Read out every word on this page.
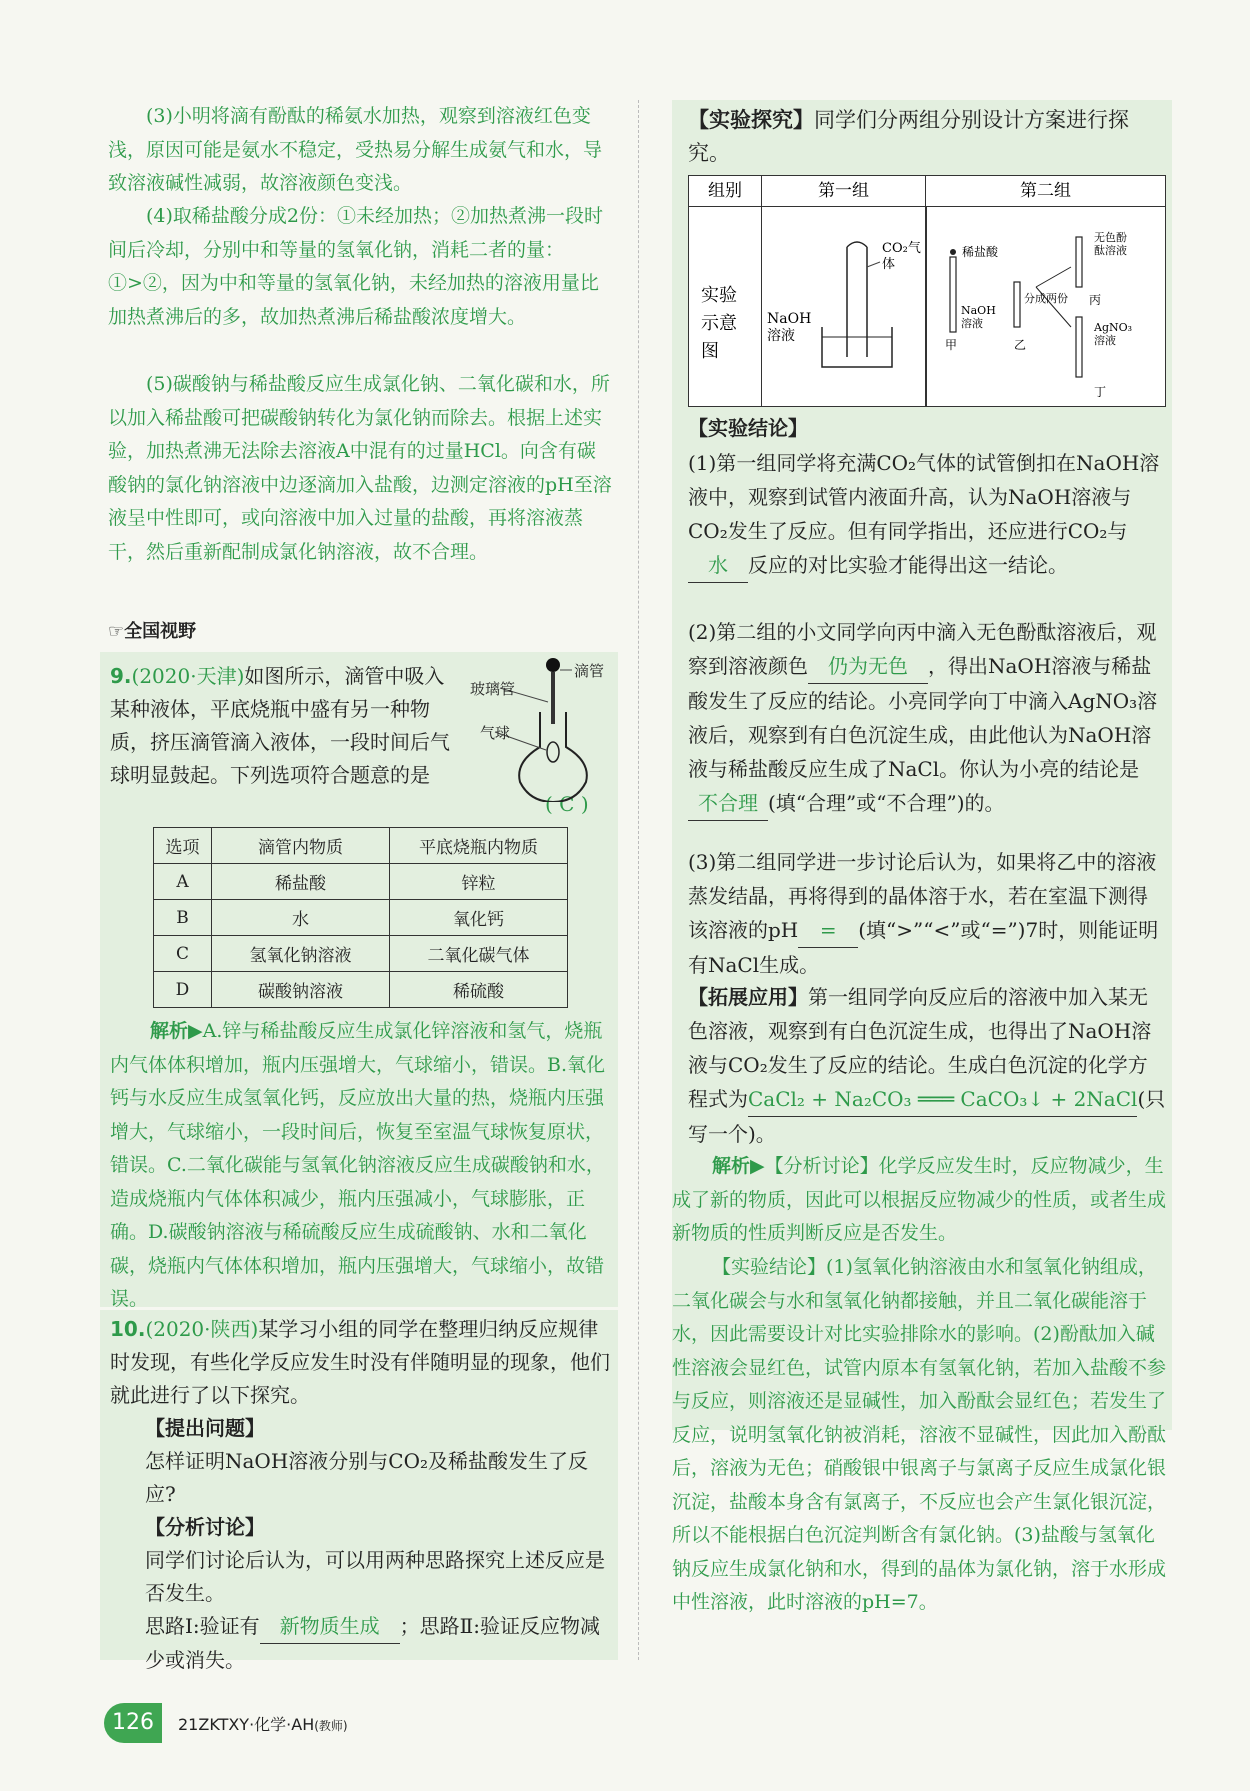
(3)小明将滴有酚酞的稀氨水加热，观察到溶液红色变浅，原因可能是氨水不稳定，受热易分解生成氨气和水，导致溶液碱性减弱，故溶液颜色变浅。

(4)取稀盐酸分成2份：①未经加热；②加热煮沸一段时间后冷却，分别中和等量的氢氧化钠，消耗二者的量：①>②，因为中和等量的氢氧化钠，未经加热的溶液用量比加热煮沸后的多，故加热煮沸后稀盐酸浓度增大。

(5)碳酸钠与稀盐酸反应生成氯化钠、二氧化碳和水，所以加入稀盐酸可把碳酸钠转化为氯化钠而除去。根据上述实验，加热煮沸无法除去溶液A中混有的过量HCl。向含有碳酸钠的氯化钠溶液中边逐滴加入盐酸，边测定溶液的pH至溶液呈中性即可，或向溶液中加入过量的盐酸，再将溶液蒸干，然后重新配制成氯化钠溶液，故不合理。

☞全国视野
9.(2020·天津)如图所示，滴管中吸入某种液体，平底烧瓶中盛有另一种物质，挤压滴管滴入液体，一段时间后气球明显鼓起。下列选项符合题意的是
( C )
滴管
玻璃管
气球
选项	滴管内物质	平底烧瓶内物质
A	稀盐酸	锌粒
B	水	氧化钙
C	氢氧化钠溶液	二氧化碳气体
D	碳酸钠溶液	稀硫酸

解析▶A.锌与稀盐酸反应生成氯化锌溶液和氢气，烧瓶内气体体积增加，瓶内压强增大，气球缩小，错误。B.氧化钙与水反应生成氢氧化钙，反应放出大量的热，烧瓶内压强增大，气球缩小，一段时间后，恢复至室温气球恢复原状，错误。C.二氧化碳能与氢氧化钠溶液反应生成碳酸钠和水，造成烧瓶内气体体积减少，瓶内压强减小，气球膨胀，正确。D.碳酸钠溶液与稀硫酸反应生成硫酸钠、水和二氧化碳，烧瓶内气体体积增加，瓶内压强增大，气球缩小，故错误。

10.(2020·陕西)某学习小组的同学在整理归纳反应规律时发现，有些化学反应发生时没有伴随明显的现象，他们就此进行了以下探究。
【提出问题】
怎样证明NaOH溶液分别与CO₂及稀盐酸发生了反应?
【分析讨论】
同学们讨论后认为，可以用两种思路探究上述反应是否发生。
思路Ⅰ:验证有 新物质生成 ；思路Ⅱ:验证反应物减少或消失。
【实验探究】同学们分两组分别设计方案进行探究。
组别	第一组	第二组
实验示意图
CO₂气体
NaOH溶液
稀盐酸
NaOH溶液
甲	乙
分成两份
无色酚酞溶液
丙
AgNO₃溶液
丁
【实验结论】
(1)第一组同学将充满CO₂气体的试管倒扣在NaOH溶液中，观察到试管内液面升高，认为NaOH溶液与CO₂发生了反应。但有同学指出，还应进行CO₂与水 反应的对比实验才能得出这一结论。
(2)第二组的小文同学向丙中滴入无色酚酞溶液后，观察到溶液颜色 仍为无色 ，得出NaOH溶液与稀盐酸发生了反应的结论。小亮同学向丁中滴入AgNO₃溶液后，观察到有白色沉淀生成，由此他认为NaOH溶液与稀盐酸反应生成了NaCl。你认为小亮的结论是不合理 (填“合理”或“不合理”)的。
(3)第二组同学进一步讨论后认为，如果将乙中的溶液蒸发结晶，再将得到的晶体溶于水，若在室温下测得该溶液的pH = (填“>”“<”或“=”)7时，则能证明有NaCl生成。
【拓展应用】第一组同学向反应后的溶液中加入某无色溶液，观察到有白色沉淀生成，也得出了NaOH溶液与CO₂发生了反应的结论。生成白色沉淀的化学方程式为CaCl₂ + Na₂CO₃ ═══ CaCO₃↓ + 2NaCl(只写一个)。

解析▶【分析讨论】化学反应发生时，反应物减少，生成了新的物质，因此可以根据反应物减少的性质，或者生成新物质的性质判断反应是否发生。

【实验结论】(1)氢氧化钠溶液由水和氢氧化钠组成，二氧化碳会与水和氢氧化钠都接触，并且二氧化碳能溶于水，因此需要设计对比实验排除水的影响。(2)酚酞加入碱性溶液会显红色，试管内原本有氢氧化钠，若加入盐酸不参与反应，则溶液还是显碱性，加入酚酞会显红色；若发生了反应，说明氢氧化钠被消耗，溶液不显碱性，因此加入酚酞后，溶液为无色；硝酸银中银离子与氯离子反应生成氯化银沉淀，盐酸本身含有氯离子，不反应也会产生氯化银沉淀，所以不能根据白色沉淀判断含有氯化钠。(3)盐酸与氢氧化钠反应生成氯化钠和水，得到的晶体为氯化钠，溶于水形成中性溶液，此时溶液的pH=7。

126	21ZKTXY·化学·AH(教师)
